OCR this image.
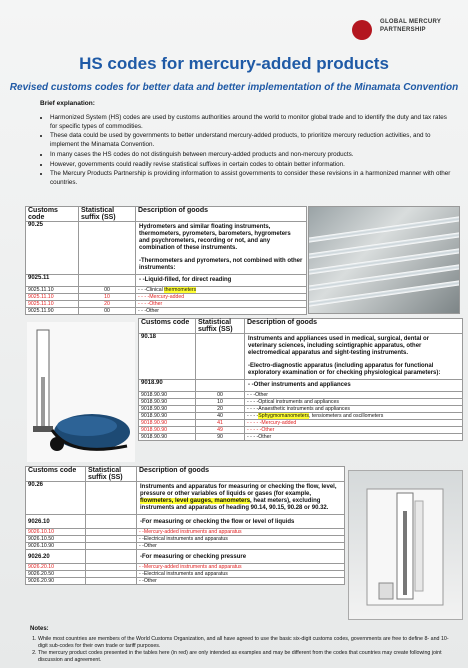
GLOBAL MERCURY PARTNERSHIP
HS codes for mercury-added products
Revised customs codes for better data and better implementation of the Minamata Convention
Brief explanation:
• Harmonized System (HS) codes are used by customs authorities around the world to monitor global trade and to identify the duty and tax rates for specific types of commodities.
• These data could be used by governments to better understand mercury-added products, to prioritize mercury reduction activities, and to implement the Minamata Convention.
• In many cases the HS codes do not distinguish between mercury-added products and non-mercury products.
• However, governments could readily revise statistical suffixes in certain codes to obtain better information.
• The Mercury Products Partnership is providing information to assist governments to consider these revisions in a harmonized manner with other countries.
Customs code	Statistical suffix (SS)	Description of goods
90.25		Hydrometers and similar floating instruments, thermometers, pyrometers, barometers, hygrometers and psychrometers, recording or not, and any combination of these instruments.
-Thermometers and pyrometers, not combined with other instruments:

9025.11		- -Liquid-filled, for direct reading
9025.11.10	00	- - -Clinical thermometers
9025.11.10	10	- - - -Mercury-added
9025.11.10	20	- - - -Other
9025.11.90	00	- - -Other
Customs code	Statistical suffix (SS)	Description of goods
90.18		Instruments and appliances used in medical, surgical, dental or veterinary sciences, including scintigraphic apparatus, other electromedical apparatus and sight-testing instruments.
-Electro-diagnostic apparatus (including apparatus for functional exploratory examination or for checking physiological parameters):

9018.90		- -Other instruments and appliances
9018.90.90	00	- - -Other
9018.90.90	10	- - - -Optical instruments and appliances
9018.90.90	20	- - - -Anaesthetic instruments and appliances
9018.90.90	40	- - - -Sphygmomanometers, tensiometers and oscillometers
9018.90.90	41	- - - - -Mercury-added
9018.90.90	49	- - - - -Other
9018.90.90	90	- - - -Other
Customs code	Statistical suffix (SS)	Description of goods
90.26		Instruments and apparatus for measuring or checking the flow, level, pressure or other variables of liquids or gases (for example, flowmeters, level gauges, manometers, heat meters), excluding instruments and apparatus of heading 90.14, 90.15, 90.28 or 90.32.
9026.10		-For measuring or checking the flow or level of liquids
9026.10.10		- -Mercury-added instruments and apparatus
9026.10.50		- -Electrical instruments and apparatus
9026.10.90		- -Other
9026.20		-For measuring or checking pressure
9026.20.10		- -Mercury-added instruments and apparatus
9026.20.50		- -Electrical instruments and apparatus
9026.20.90		- -Other
Notes:
1. While most countries are members of the World Customs Organization, and all have agreed to use the basic six-digit customs codes, governments are free to define 8- and 10-digit sub-codes for their own trade or tariff purposes.
2. The mercury product codes presented in the tables here (in red) are only intended as examples and may be different from the codes that countries may create following joint discussion and agreement.
